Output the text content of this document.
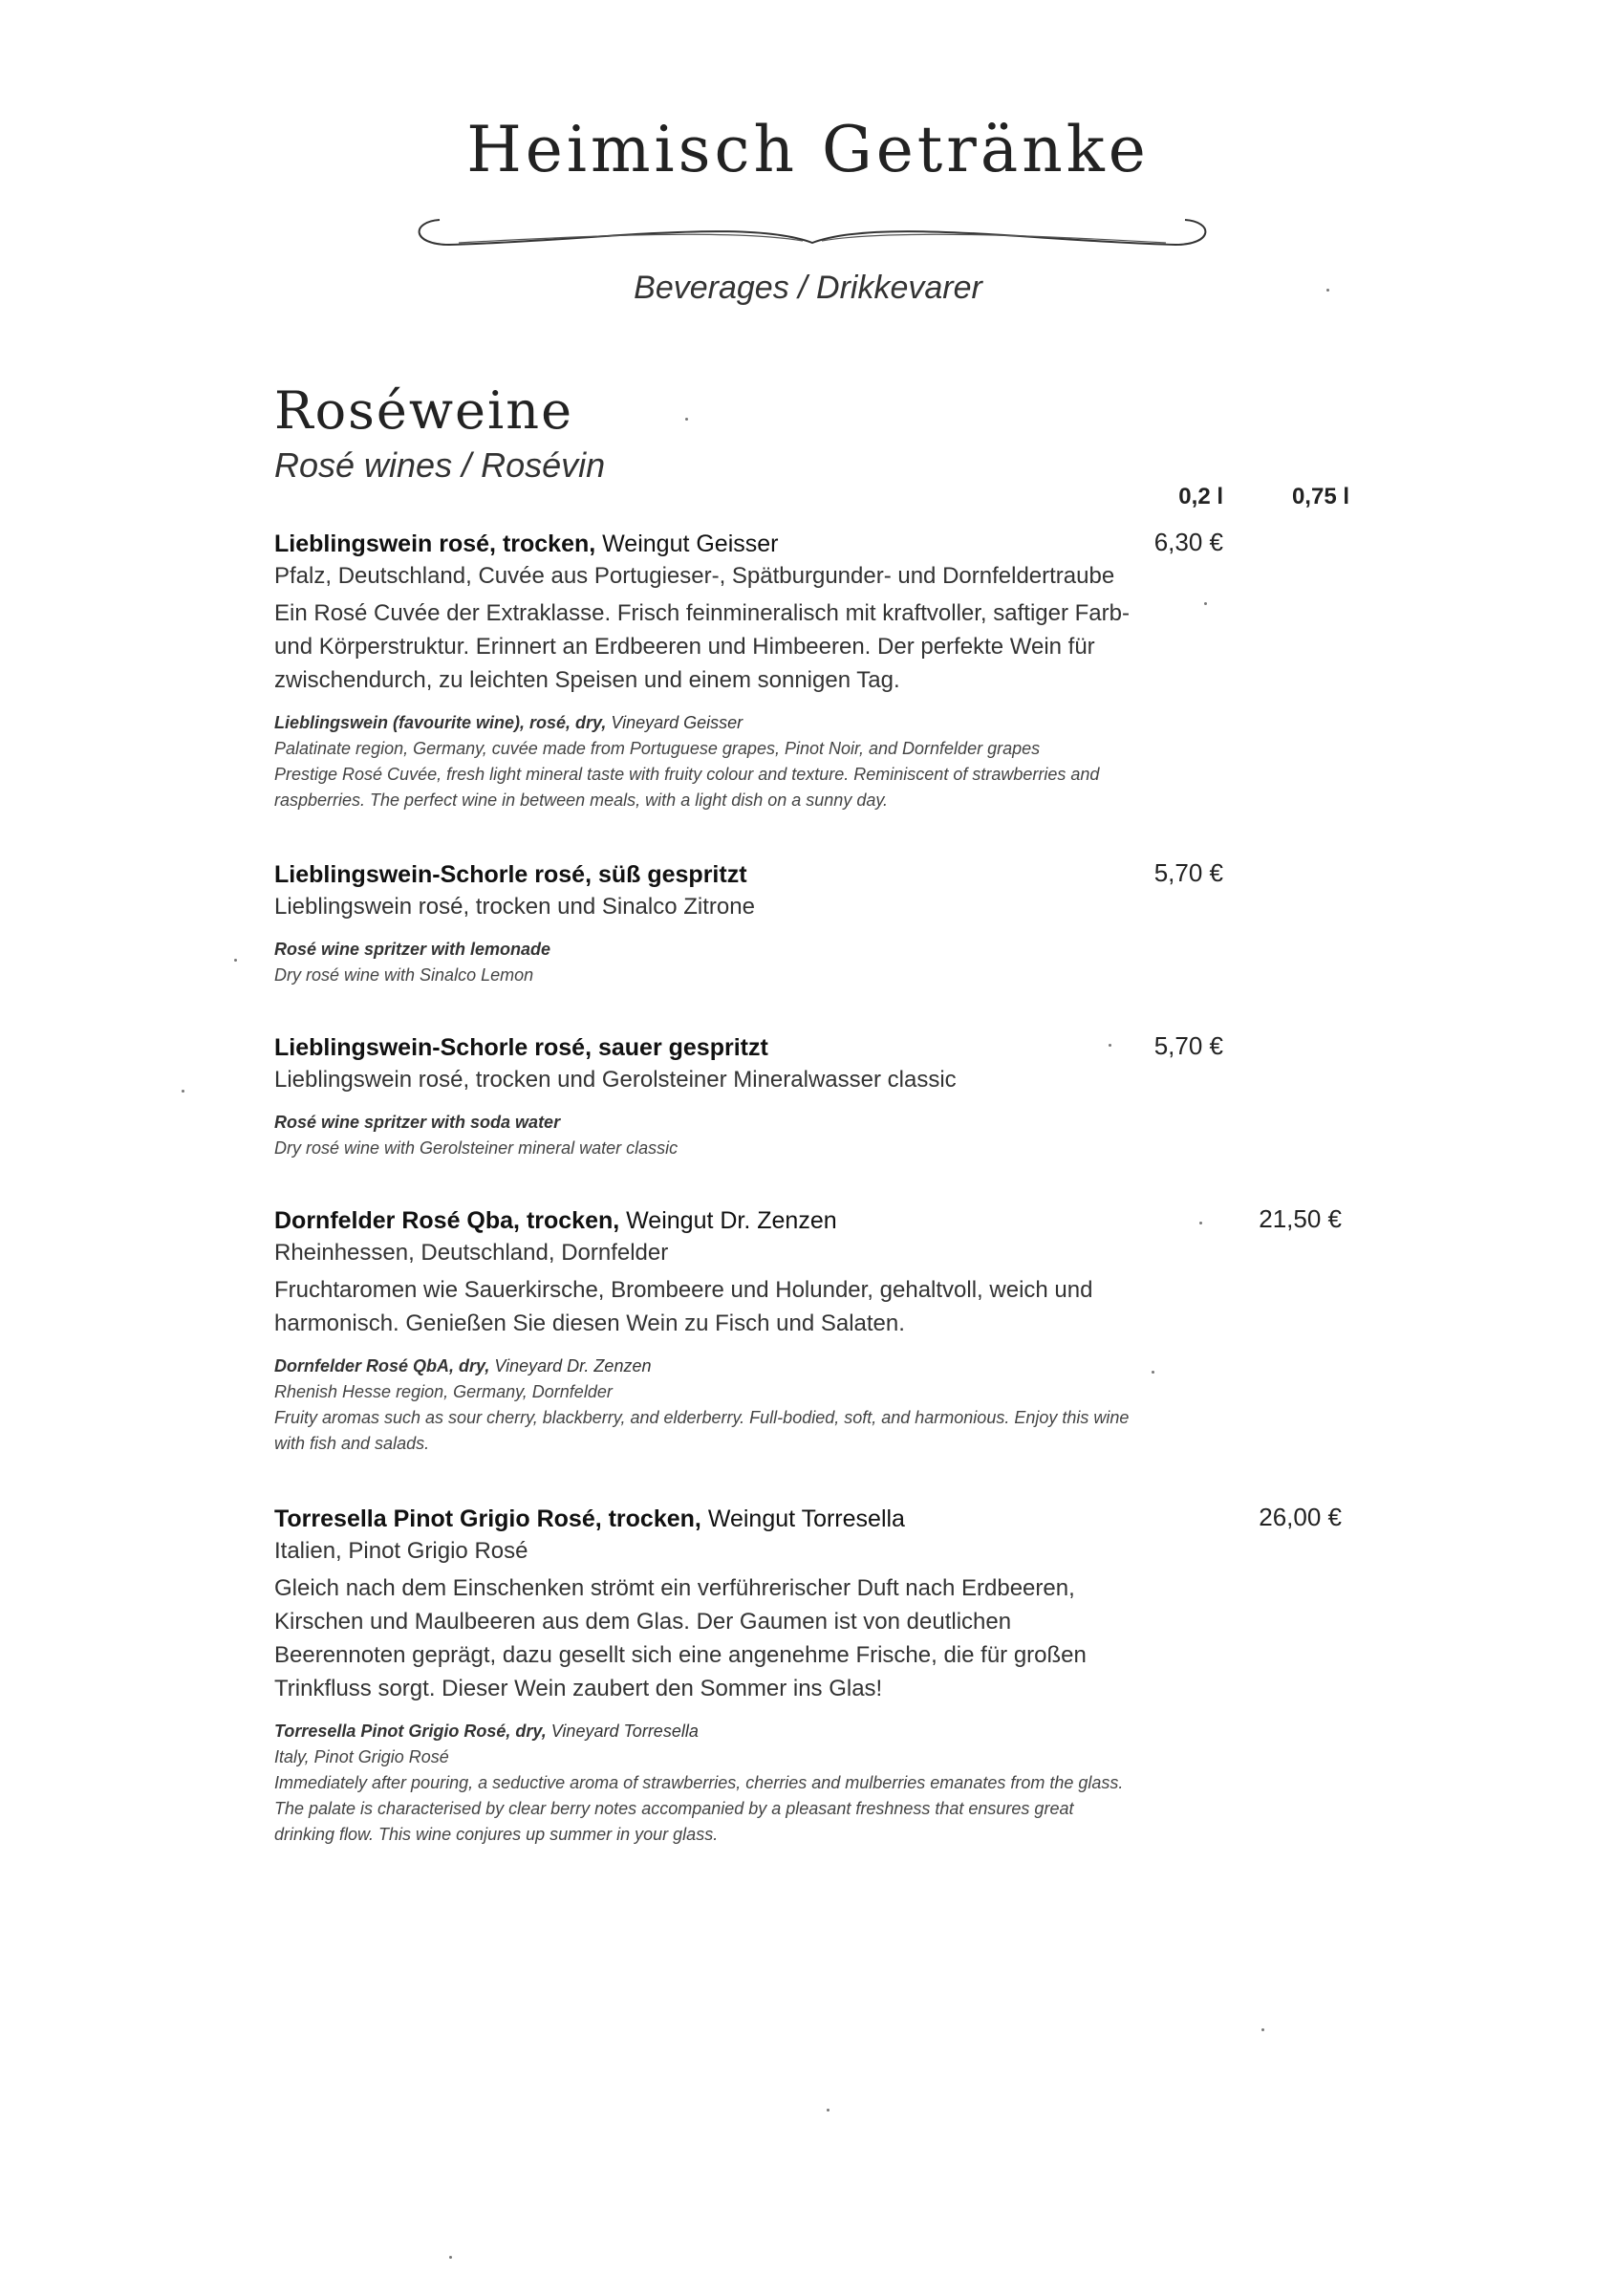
Heimisch Getränke
Beverages / Drikkevarer
Roséweine
Rosé wines / Rosévin
0,2 l	0,75 l
Lieblingswein rosé, trocken, Weingut Geisser
Pfalz, Deutschland, Cuvée aus Portugieser-, Spätburgunder- und Dornfeldertraube
Ein Rosé Cuvée der Extraklasse. Frisch feinmineralisch mit kraftvoller, saftiger Farb- und Körperstruktur. Erinnert an Erdbeeren und Himbeeren. Der perfekte Wein für zwischendurch, zu leichten Speisen und einem sonnigen Tag.
Lieblingswein (favourite wine), rosé, dry, Vineyard Geisser
Palatinate region, Germany, cuvée made from Portuguese grapes, Pinot Noir, and Dornfelder grapes
Prestige Rosé Cuvée, fresh light mineral taste with fruity colour and texture. Reminiscent of strawberries and raspberries. The perfect wine in between meals, with a light dish on a sunny day.
6,30 €
Lieblingswein-Schorle rosé, süß gespritzt
Lieblingswein rosé, trocken und Sinalco Zitrone
Rosé wine spritzer with lemonade
Dry rosé wine with Sinalco Lemon
5,70 €
Lieblingswein-Schorle rosé, sauer gespritzt
Lieblingswein rosé, trocken und Gerolsteiner Mineralwasser classic
Rosé wine spritzer with soda water
Dry rosé wine with Gerolsteiner mineral water classic
5,70 €
Dornfelder Rosé Qba, trocken, Weingut Dr. Zenzen
Rheinhessen, Deutschland, Dornfelder
Fruchtaromen wie Sauerkirsche, Brombeere und Holunder, gehaltvoll, weich und harmonisch. Genießen Sie diesen Wein zu Fisch und Salaten.
Dornfelder Rosé QbA, dry, Vineyard Dr. Zenzen
Rhenish Hesse region, Germany, Dornfelder
Fruity aromas such as sour cherry, blackberry, and elderberry. Full-bodied, soft, and harmonious. Enjoy this wine with fish and salads.
21,50 €
Torresella Pinot Grigio Rosé, trocken, Weingut Torresella
Italien, Pinot Grigio Rosé
Gleich nach dem Einschenken strömt ein verführerischer Duft nach Erdbeeren, Kirschen und Maulbeeren aus dem Glas. Der Gaumen ist von deutlichen Beerennoten geprägt, dazu gesellt sich eine angenehme Frische, die für großen Trinkfluss sorgt. Dieser Wein zaubert den Sommer ins Glas!
Torresella Pinot Grigio Rosé, dry, Vineyard Torresella
Italy, Pinot Grigio Rosé
Immediately after pouring, a seductive aroma of strawberries, cherries and mulberries emanates from the glass. The palate is characterised by clear berry notes accompanied by a pleasant freshness that ensures great drinking flow. This wine conjures up summer in your glass.
26,00 €
